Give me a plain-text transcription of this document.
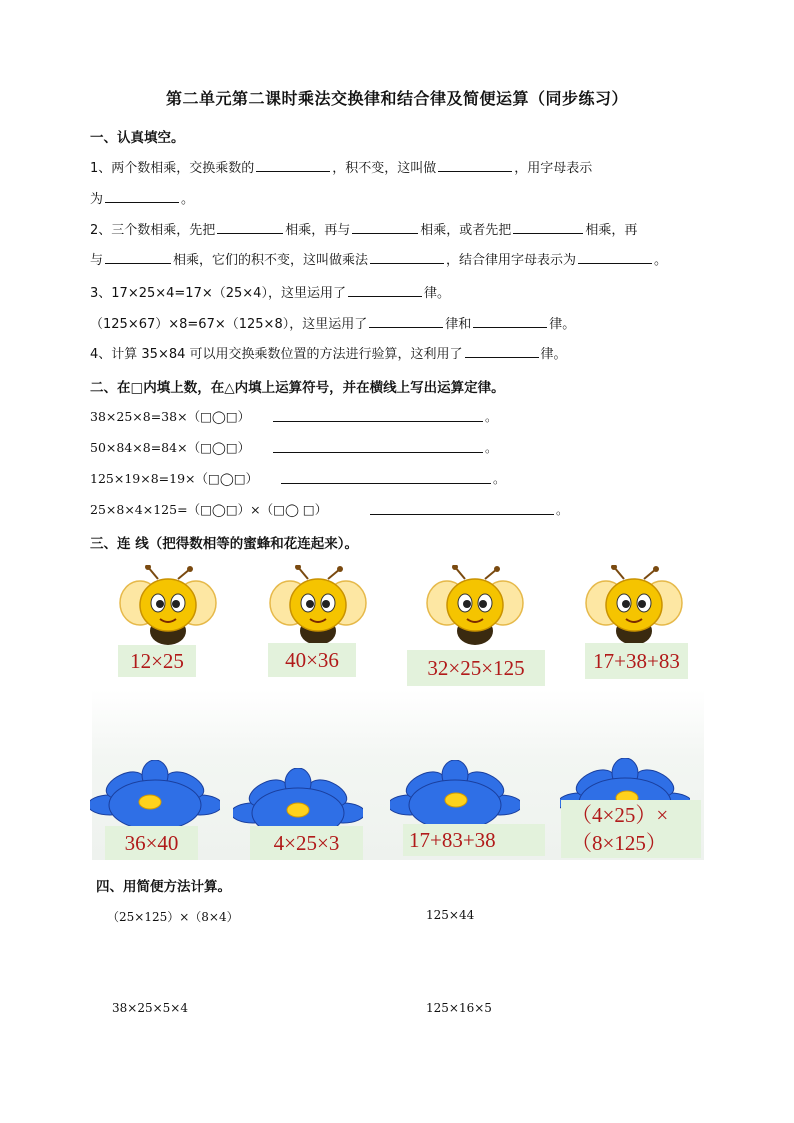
第二单元第二课时乘法交换律和结合律及简便运算（同步练习）
一、认真填空。
1、两个数相乘，交换乘数的	，积不变，这叫做	，用字母表示
为	。
2、三个数相乘，先把	相乘，再与	相乘，或者先把	相乘，再
与	相乘，它们的积不变，这叫做乘法	，结合律用字母表示为	。
3、17×25×4=17×（25×4），这里运用了	律。
（125×67）×8=67×（125×8），这里运用了	律和	律。
4、计算 35×84 可以用交换乘数位置的方法进行验算，这利用了	律。
二、在□内填上数，在△内填上运算符号，并在横线上写出运算定律。
38×25×8=38×（□◯□）	。
50×84×8=84×（□◯□）	。
125×19×8=19×（□◯□）	。
25×8×4×125=（□◯□）×（□◯ □）	。
三、连 线（把得数相等的蜜蜂和花连起来）。
12×25	40×36	32×25×125	17+38+83
36×40	4×25×3	17+83+38
（4×25）×
（8×125）
四、用简便方法计算。
（25×125）×（8×4）	125×44
38×25×5×4	125×16×5
